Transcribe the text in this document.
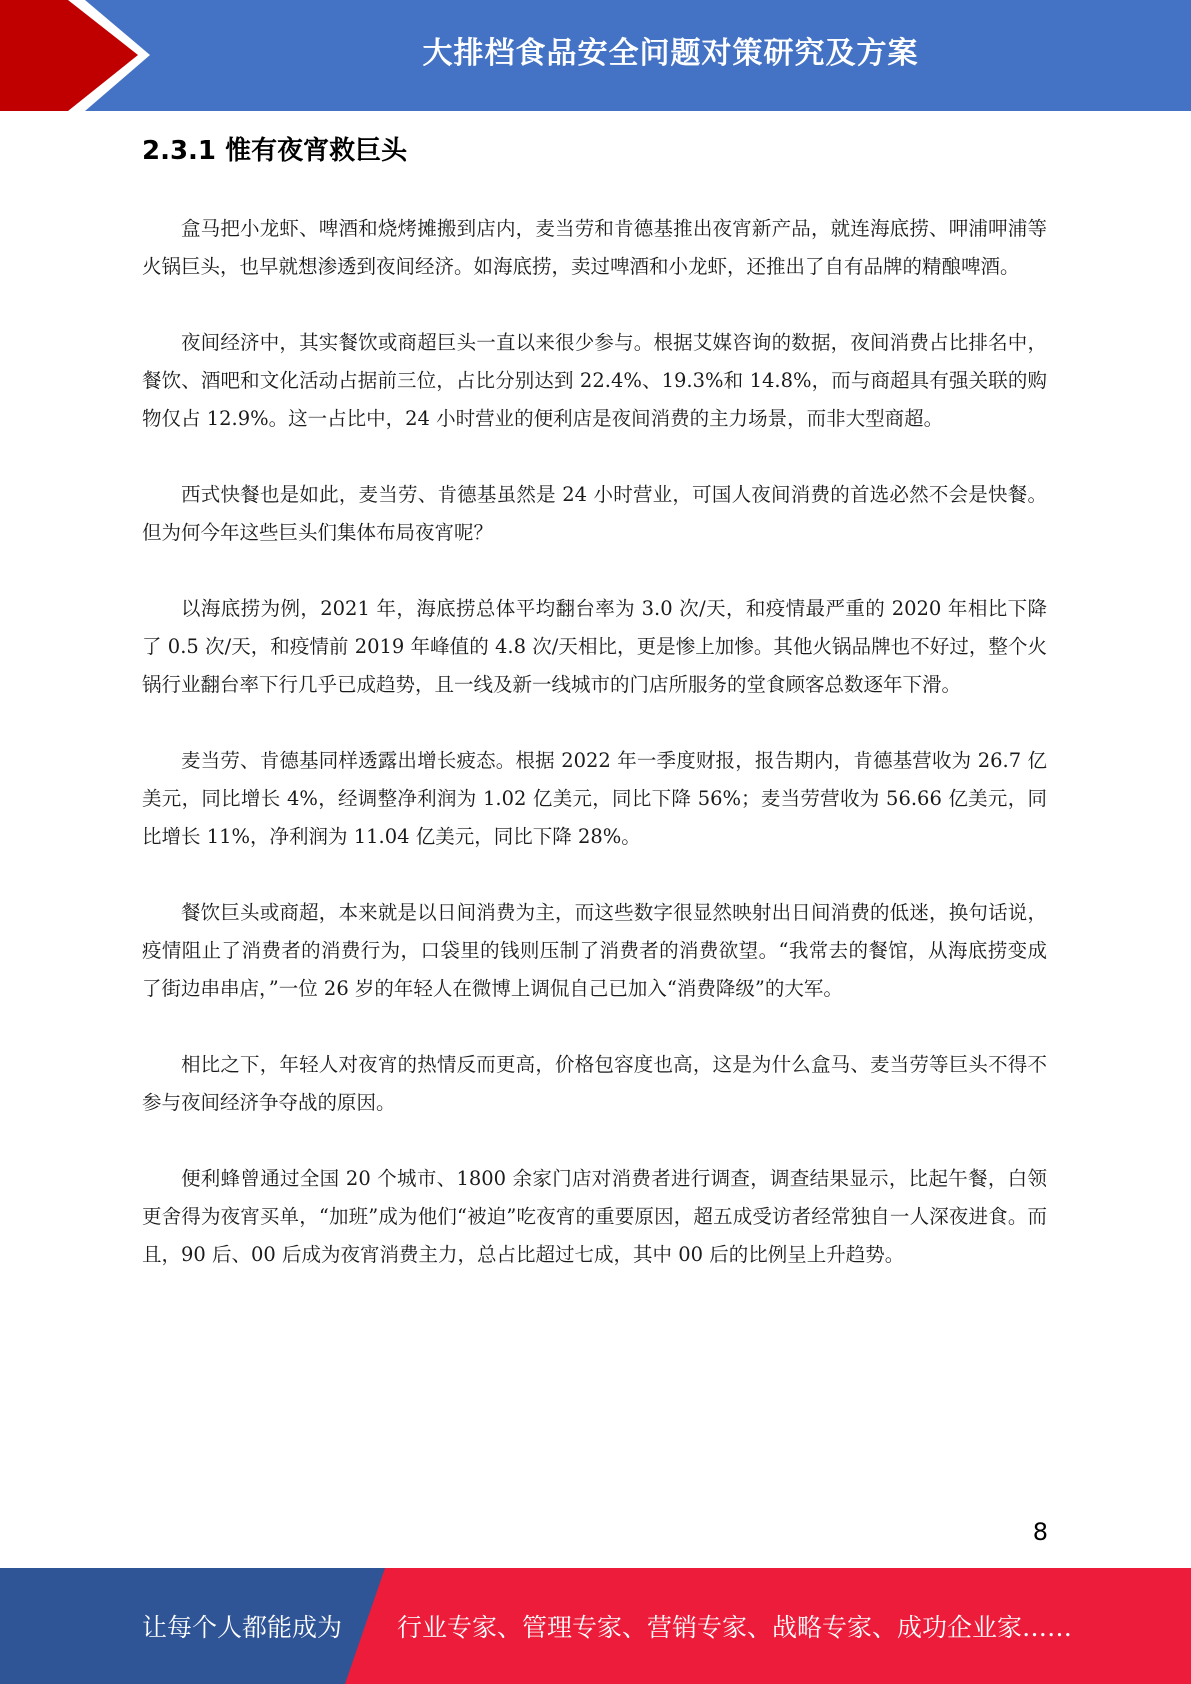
大排档食品安全问题对策研究及方案
2.3.1 惟有夜宵救巨头

盒马把小龙虾、啤酒和烧烤摊搬到店内，麦当劳和肯德基推出夜宵新产品，就连海底捞、呷浦呷浦等火锅巨头，也早就想渗透到夜间经济。如海底捞，卖过啤酒和小龙虾，还推出了自有品牌的精酿啤酒。

夜间经济中，其实餐饮或商超巨头一直以来很少参与。根据艾媒咨询的数据，夜间消费占比排名中，餐饮、酒吧和文化活动占据前三位，占比分别达到 22.4%、19.3%和 14.8%，而与商超具有强关联的购物仅占 12.9%。这一占比中，24 小时营业的便利店是夜间消费的主力场景，而非大型商超。

西式快餐也是如此，麦当劳、肯德基虽然是 24 小时营业，可国人夜间消费的首选必然不会是快餐。但为何今年这些巨头们集体布局夜宵呢？

以海底捞为例，2021 年，海底捞总体平均翻台率为 3.0 次/天，和疫情最严重的 2020 年相比下降了 0.5 次/天，和疫情前 2019 年峰值的 4.8 次/天相比，更是惨上加惨。其他火锅品牌也不好过，整个火锅行业翻台率下行几乎已成趋势，且一线及新一线城市的门店所服务的堂食顾客总数逐年下滑。

麦当劳、肯德基同样透露出增长疲态。根据 2022 年一季度财报，报告期内，肯德基营收为 26.7 亿美元，同比增长 4%，经调整净利润为 1.02 亿美元，同比下降 56%；麦当劳营收为 56.66 亿美元，同比增长 11%，净利润为 11.04 亿美元，同比下降 28%。

餐饮巨头或商超，本来就是以日间消费为主，而这些数字很显然映射出日间消费的低迷，换句话说，疫情阻止了消费者的消费行为，口袋里的钱则压制了消费者的消费欲望。“我常去的餐馆，从海底捞变成了街边串串店，”一位 26 岁的年轻人在微博上调侃自己已加入“消费降级”的大军。

相比之下，年轻人对夜宵的热情反而更高，价格包容度也高，这是为什么盒马、麦当劳等巨头不得不参与夜间经济争夺战的原因。

便利蜂曾通过全国 20 个城市、1800 余家门店对消费者进行调查，调查结果显示，比起午餐，白领更舍得为夜宵买单，“加班”成为他们“被迫”吃夜宵的重要原因，超五成受访者经常独自一人深夜进食。而且，90 后、00 后成为夜宵消费主力，总占比超过七成，其中 00 后的比例呈上升趋势。

8
让每个人都能成为 行业专家、管理专家、营销专家、战略专家、成功企业家……
